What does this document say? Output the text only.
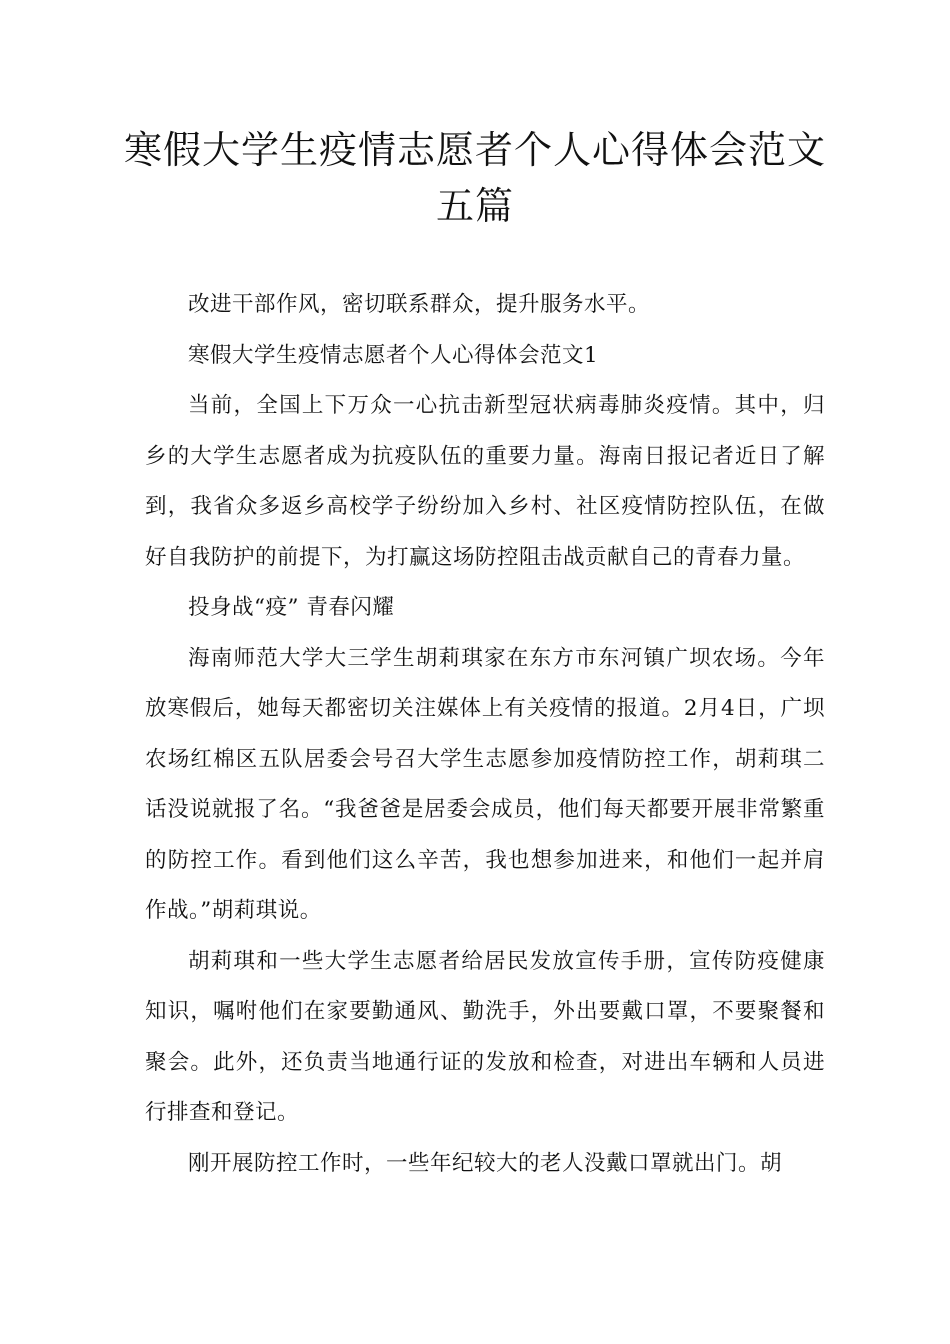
寒假大学生疫情志愿者个人心得体会范文五篇

改进干部作风，密切联系群众，提升服务水平。

寒假大学生疫情志愿者个人心得体会范文1

当前，全国上下万众一心抗击新型冠状病毒肺炎疫情。其中，归乡的大学生志愿者成为抗疫队伍的重要力量。海南日报记者近日了解到，我省众多返乡高校学子纷纷加入乡村、社区疫情防控队伍，在做好自我防护的前提下，为打赢这场防控阻击战贡献自己的青春力量。

投身战“疫” 青春闪耀

海南师范大学大三学生胡莉琪家在东方市东河镇广坝农场。今年放寒假后，她每天都密切关注媒体上有关疫情的报道。2月4日，广坝农场红棉区五队居委会号召大学生志愿参加疫情防控工作，胡莉琪二话没说就报了名。“我爸爸是居委会成员，他们每天都要开展非常繁重的防控工作。看到他们这么辛苦，我也想参加进来，和他们一起并肩作战。”胡莉琪说。

胡莉琪和一些大学生志愿者给居民发放宣传手册，宣传防疫健康知识，嘱咐他们在家要勤通风、勤洗手，外出要戴口罩，不要聚餐和聚会。此外，还负责当地通行证的发放和检查，对进出车辆和人员进行排查和登记。

刚开展防控工作时，一些年纪较大的老人没戴口罩就出门。胡
